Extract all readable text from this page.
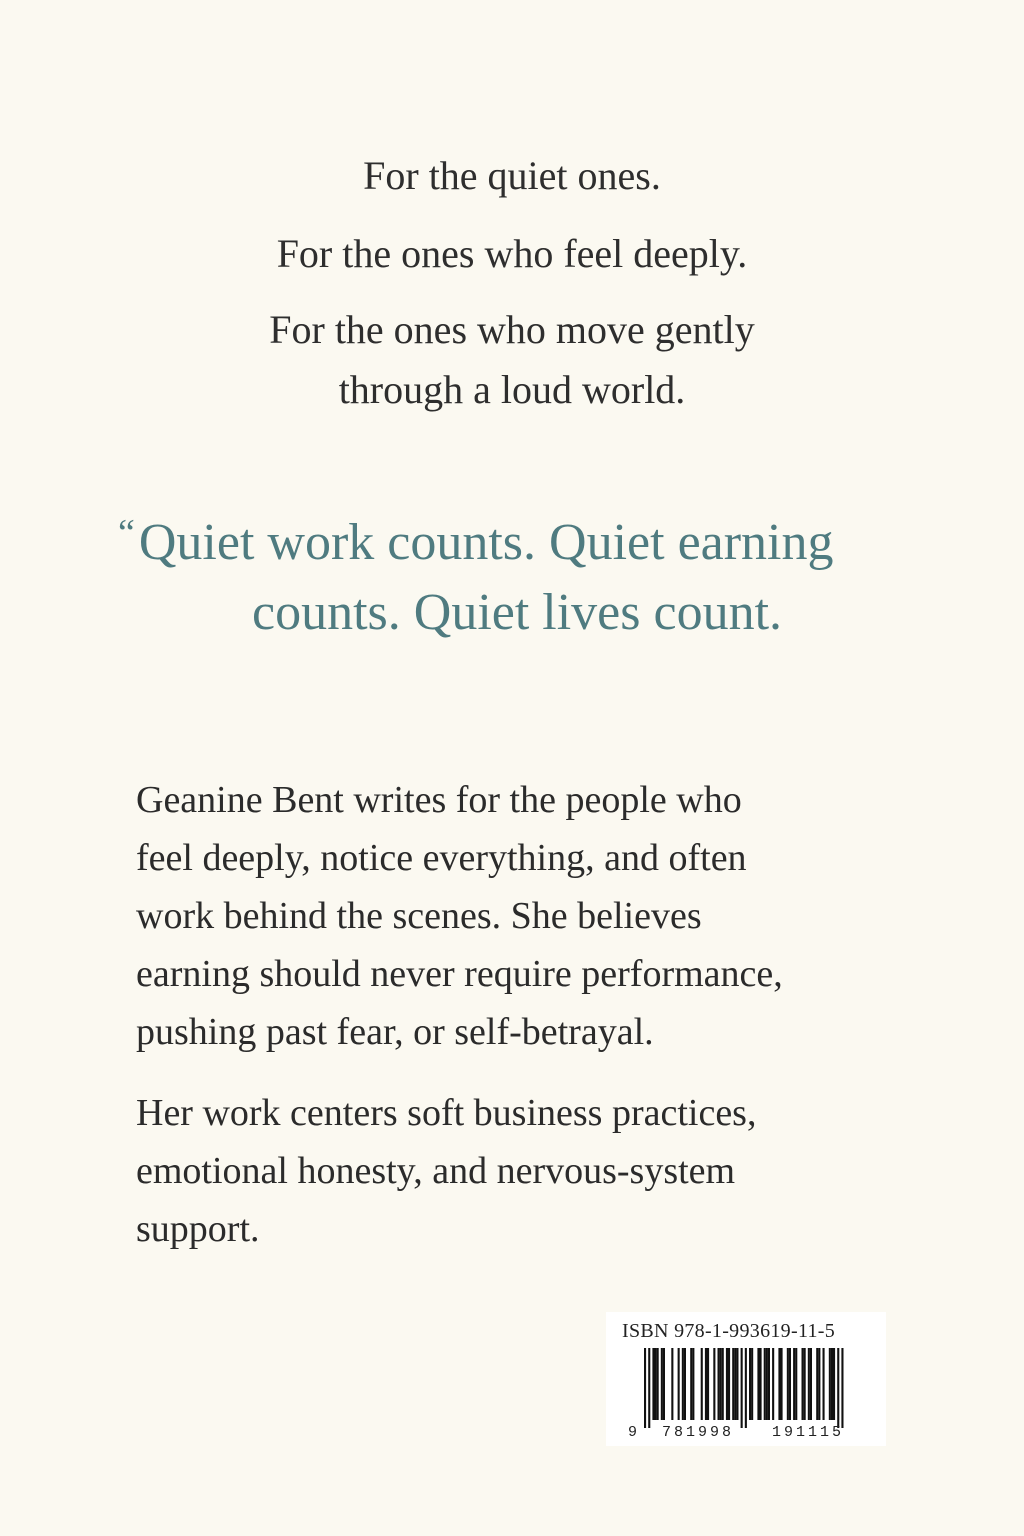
For the quiet ones.
For the ones who feel deeply.
For the ones who move gently
through a loud world.
“Quiet work counts. Quiet earning
counts. Quiet lives count.
Geanine Bent writes for the people who
feel deeply, notice everything, and often
work behind the scenes. She believes
earning should never require performance,
pushing past fear, or self-betrayal.
Her work centers soft business practices,
emotional honesty, and nervous-system
support.
ISBN 978-1-993619-11-5
9 781998	191115
